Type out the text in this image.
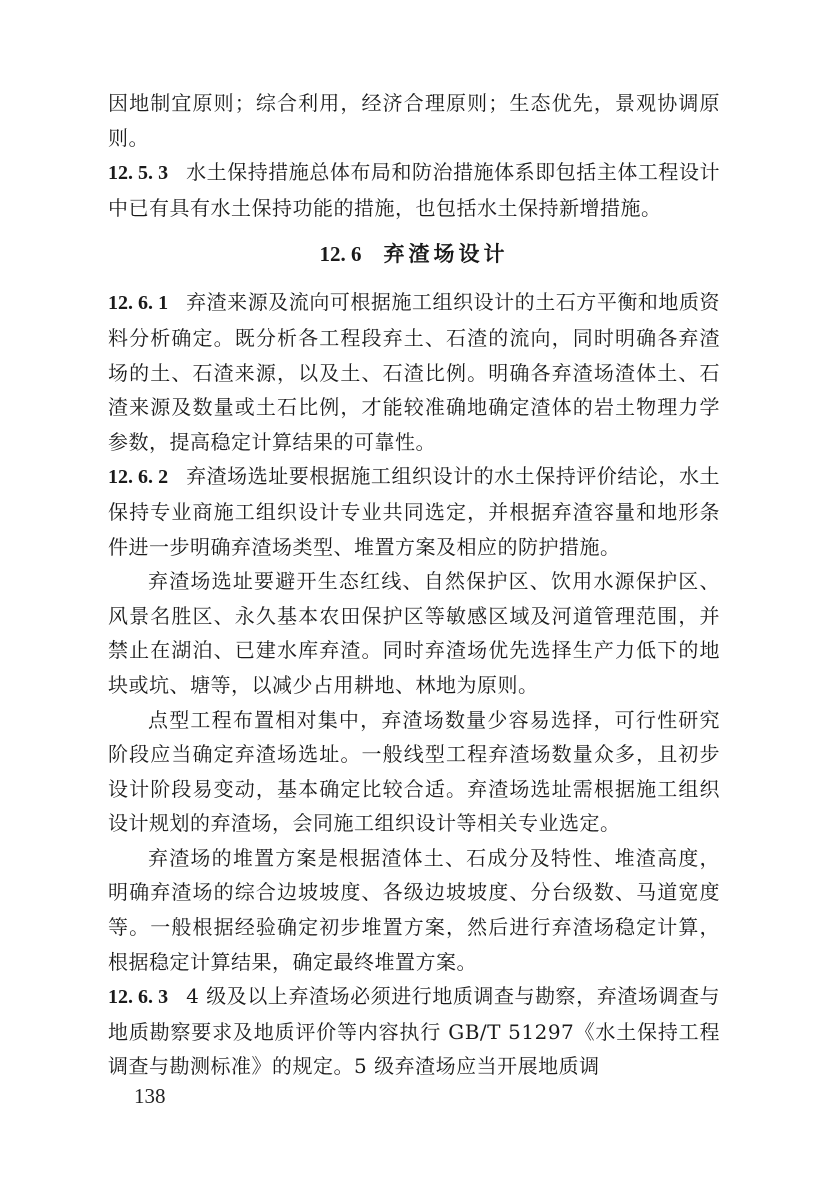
因地制宜原则；综合利用，经济合理原则；生态优先，景观协调原则。

12. 5. 3 水土保持措施总体布局和防治措施体系即包括主体工程设计中已有具有水土保持功能的措施，也包括水土保持新增措施。

12. 6 弃渣场设计

12. 6. 1 弃渣来源及流向可根据施工组织设计的土石方平衡和地质资料分析确定。既分析各工程段弃土、石渣的流向，同时明确各弃渣场的土、石渣来源，以及土、石渣比例。明确各弃渣场渣体土、石渣来源及数量或土石比例，才能较准确地确定渣体的岩土物理力学参数，提高稳定计算结果的可靠性。

12. 6. 2 弃渣场选址要根据施工组织设计的水土保持评价结论，水土保持专业商施工组织设计专业共同选定，并根据弃渣容量和地形条件进一步明确弃渣场类型、堆置方案及相应的防护措施。

弃渣场选址要避开生态红线、自然保护区、饮用水源保护区、风景名胜区、永久基本农田保护区等敏感区域及河道管理范围，并禁止在湖泊、已建水库弃渣。同时弃渣场优先选择生产力低下的地块或坑、塘等，以减少占用耕地、林地为原则。

点型工程布置相对集中，弃渣场数量少容易选择，可行性研究阶段应当确定弃渣场选址。一般线型工程弃渣场数量众多，且初步设计阶段易变动，基本确定比较合适。弃渣场选址需根据施工组织设计规划的弃渣场，会同施工组织设计等相关专业选定。

弃渣场的堆置方案是根据渣体土、石成分及特性、堆渣高度，明确弃渣场的综合边坡坡度、各级边坡坡度、分台级数、马道宽度等。一般根据经验确定初步堆置方案，然后进行弃渣场稳定计算，根据稳定计算结果，确定最终堆置方案。

12. 6. 3 4 级及以上弃渣场必须进行地质调查与勘察，弃渣场调查与地质勘察要求及地质评价等内容执行 GB/T 51297《水土保持工程调查与勘测标准》的规定。5 级弃渣场应当开展地质调

138
